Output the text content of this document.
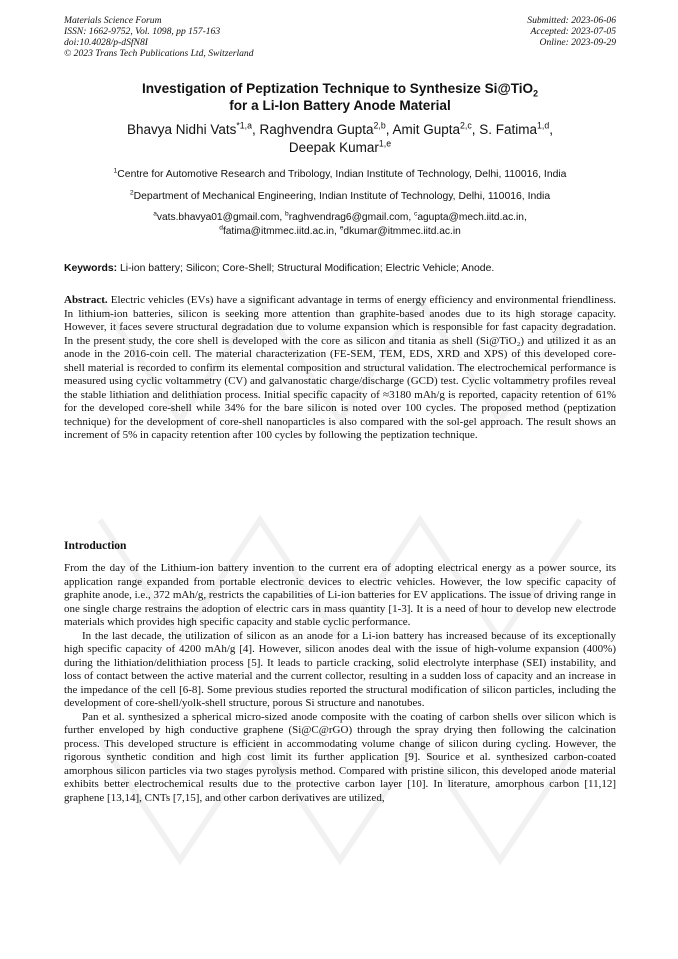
Materials Science Forum
ISSN: 1662-9752, Vol. 1098, pp 157-163
doi:10.4028/p-dSfN8I
© 2023 Trans Tech Publications Ltd, Switzerland
Submitted: 2023-06-06
Accepted: 2023-07-05
Online: 2023-09-29
Investigation of Peptization Technique to Synthesize Si@TiO$_2$
for a Li-Ion Battery Anode Material
Bhavya Nidhi Vats$^{*1,a}$, Raghvendra Gupta$^{2,b}$, Amit Gupta$^{2,c}$, S. Fatima$^{1,d}$,
Deepak Kumar$^{1,e}$
$^1$Centre for Automotive Research and Tribology, Indian Institute of Technology, Delhi, 110016, India
$^2$Department of Mechanical Engineering, Indian Institute of Technology, Delhi, 110016, India
$^a$vats.bhavya01@gmail.com, $^b$raghvendrag6@gmail.com, $^c$agupta@mech.iitd.ac.in,
$^d$fatima@itmmec.iitd.ac.in, $^e$dkumar@itmmec.iitd.ac.in
Keywords: Li-ion battery; Silicon; Core-Shell; Structural Modification; Electric Vehicle; Anode.

Abstract. Electric vehicles (EVs) have a significant advantage in terms of energy efficiency and environmental friendliness. In lithium-ion batteries, silicon is seeking more attention than graphite-based anodes due to its high storage capacity. However, it faces severe structural degradation due to volume expansion which is responsible for fast capacity degradation. In the present study, the core shell is developed with the core as silicon and titania as shell (Si@TiO₂) and utilized it as an anode in the 2016-coin cell. The material characterization (FE-SEM, TEM, EDS, XRD and XPS) of this developed core-shell material is recorded to confirm its elemental composition and structural validation. The electrochemical performance is measured using cyclic voltammetry (CV) and galvanostatic charge/discharge (GCD) test. Cyclic voltammetry profiles reveal the stable lithiation and delithiation process. Initial specific capacity of ≈3180 mAh/g is reported, capacity retention of 61% for the developed core-shell while 34% for the bare silicon is noted over 100 cycles. The proposed method (peptization technique) for the development of core-shell nanoparticles is also compared with the sol-gel approach. The result shows an increment of 5% in capacity retention after 100 cycles by following the peptization technique.

Introduction

From the day of the Lithium-ion battery invention to the current era of adopting electrical energy as a power source, its application range expanded from portable electronic devices to electric vehicles. However, the low specific capacity of graphite anode, i.e., 372 mAh/g, restricts the capabilities of Li-ion batteries for EV applications. The issue of driving range in one single charge restrains the adoption of electric cars in mass quantity [1-3]. It is a need of hour to develop new electrode materials which provides high specific capacity and stable cyclic performance.

In the last decade, the utilization of silicon as an anode for a Li-ion battery has increased because of its exceptionally high specific capacity of 4200 mAh/g [4]. However, silicon anodes deal with the issue of high-volume expansion (400%) during the lithiation/delithiation process [5]. It leads to particle cracking, solid electrolyte interphase (SEI) instability, and loss of contact between the active material and the current collector, resulting in a sudden loss of capacity and an increase in the impedance of the cell [6-8]. Some previous studies reported the structural modification of silicon particles, including the development of core-shell/yolk-shell structure, porous Si structure and nanotubes.

Pan et al. synthesized a spherical micro-sized anode composite with the coating of carbon shells over silicon which is further enveloped by high conductive graphene (Si@C@rGO) through the spray drying then following the calcination process. This developed structure is efficient in accommodating volume change of silicon during cycling. However, the rigorous synthetic condition and high cost limit its further application [9]. Sourice et al. synthesized carbon-coated amorphous silicon particles via two stages pyrolysis method. Compared with pristine silicon, this developed anode material exhibits better electrochemical results due to the protective carbon layer [10]. In literature, amorphous carbon [11,12] graphene [13,14], CNTs [7,15], and other carbon derivatives are utilized,
